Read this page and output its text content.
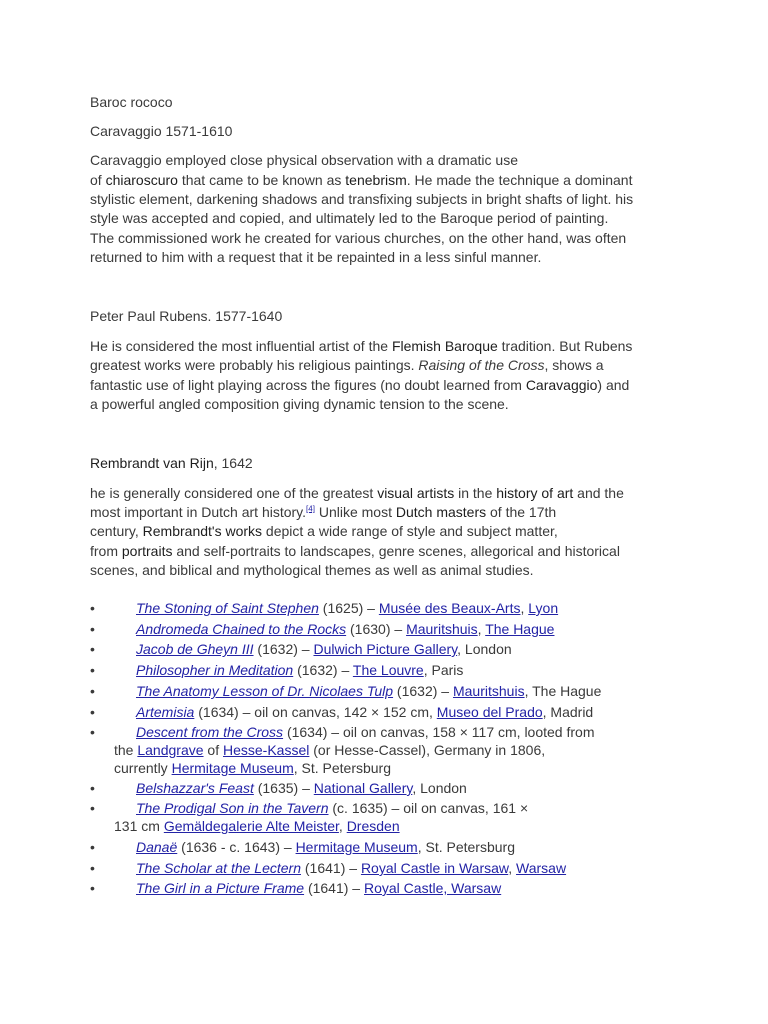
Baroc rococo
Caravaggio 1571-1610
Caravaggio employed close physical observation with a dramatic use
of chiaroscuro that came to be known as tenebrism. He made the technique a dominant
stylistic element, darkening shadows and transfixing subjects in bright shafts of light. his
style was accepted and copied, and ultimately led to the Baroque period of painting.
The commissioned work he created for various churches, on the other hand, was often
returned to him with a request that it be repainted in a less sinful manner.
Peter Paul Rubens. 1577-1640
He is considered the most influential artist of the Flemish Baroque tradition. But Rubens
greatest works were probably his religious paintings. Raising of the Cross, shows a
fantastic use of light playing across the figures (no doubt learned from Caravaggio) and
a powerful angled composition giving dynamic tension to the scene.
Rembrandt van Rijn, 1642
he is generally considered one of the greatest visual artists in the history of art and the
most important in Dutch art history.[4] Unlike most Dutch masters of the 17th
century, Rembrandt's works depict a wide range of style and subject matter,
from portraits and self-portraits to landscapes, genre scenes, allegorical and historical
scenes, and biblical and mythological themes as well as animal studies.
•	The Stoning of Saint Stephen (1625) – Musée des Beaux-Arts, Lyon
•	Andromeda Chained to the Rocks (1630) – Mauritshuis, The Hague
•	Jacob de Gheyn III (1632) – Dulwich Picture Gallery, London
•	Philosopher in Meditation (1632) – The Louvre, Paris
•	The Anatomy Lesson of Dr. Nicolaes Tulp (1632) – Mauritshuis, The Hague
•	Artemisia (1634) – oil on canvas, 142 × 152 cm, Museo del Prado, Madrid
•	Descent from the Cross (1634) – oil on canvas, 158 × 117 cm, looted from
the Landgrave of Hesse-Kassel (or Hesse-Cassel), Germany in 1806,
currently Hermitage Museum, St. Petersburg
•	Belshazzar's Feast (1635) – National Gallery, London
•	The Prodigal Son in the Tavern (c. 1635) – oil on canvas, 161 ×
131 cm Gemäldegalerie Alte Meister, Dresden
•	Danaë (1636 - c. 1643) – Hermitage Museum, St. Petersburg
•	The Scholar at the Lectern (1641) – Royal Castle in Warsaw, Warsaw
•	The Girl in a Picture Frame (1641) – Royal Castle, Warsaw
